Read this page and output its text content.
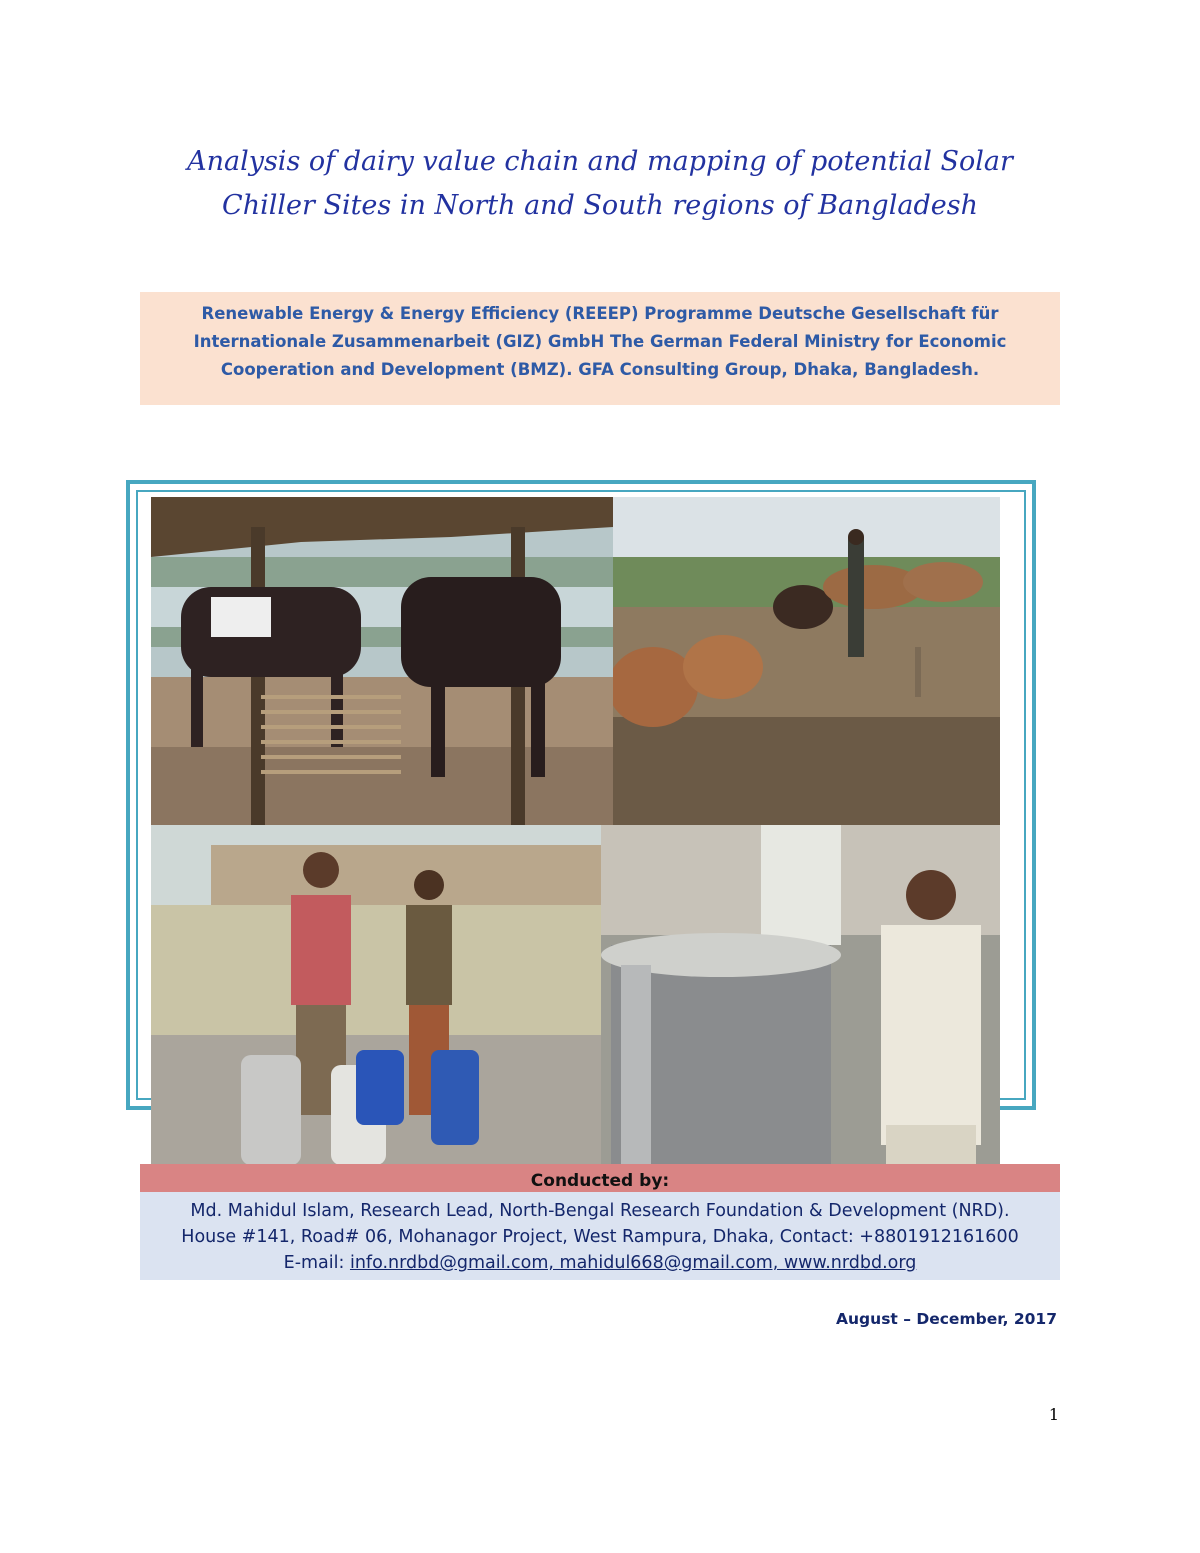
Analysis of dairy value chain and mapping of potential Solar
Chiller Sites in North and South regions of Bangladesh
Renewable Energy & Energy Efficiency (REEEP) Programme Deutsche Gesellschaft für
Internationale Zusammenarbeit (GIZ) GmbH The German Federal Ministry for Economic
Cooperation and Development (BMZ). GFA Consulting Group, Dhaka, Bangladesh.
Conducted by:
Md. Mahidul Islam, Research Lead, North-Bengal Research Foundation & Development (NRD).
House #141, Road# 06, Mohanagor Project, West Rampura, Dhaka, Contact: +8801912161600
E-mail: info.nrdbd@gmail.com, mahidul668@gmail.com, www.nrdbd.org
August – December, 2017
1
